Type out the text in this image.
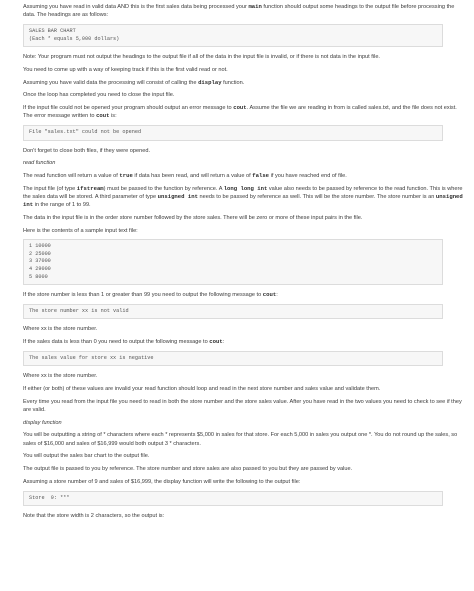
Assuming you have read in valid data AND this is the first sales data being processed your main function should output some headings to the output file before processing the data. The headings are as follows:
SALES BAR CHART
(Each * equals 5,000 dollars)
Note: Your program must not output the headings to the output file if all of the data in the input file is invalid, or if there is not data in the input file.
You need to come up with a way of keeping track if this is the first valid read or not.
Assuming you have valid data the processing will consist of calling the display function.
Once the loop has completed you need to close the input file.
If the input file could not be opened your program should output an error message to cout. Assume the file we are reading in from is called sales.txt, and the file does not exist. The error message written to cout is:
File "sales.txt" could not be opened
Don't forget to close both files, if they were opened.
read function
The read function will return a value of true if data has been read, and will return a value of false if you have reached end of file.
The input file (of type ifstream) must be passed to the function by reference. A long long int value also needs to be passed by reference to the read function. This is where the sales data will be stored. A third parameter of type unsigned int needs to be passed by reference as well. This will be the store number. The store number is an unsigned int in the range of 1 to 99.
The data in the input file is in the order store number followed by the store sales. There will be zero or more of these input pairs in the file.
Here is the contents of a sample input text file:
1 10000
2 25000
3 37000
4 29000
5 8000
If the store number is less than 1 or greater than 99 you need to output the following message to cout:
The store number xx is not valid
Where xx is the store number.
If the sales data is less than 0 you need to output the following message to cout:
The sales value for store xx is negative
Where xx is the store number.
If either (or both) of these values are invalid your read function should loop and read in the next store number and sales value and validate them.
Every time you read from the input file you need to read in both the store number and the store sales value. After you have read in the two values you need to check to see if they are valid.
display function
You will be outputting a string of * characters where each * represents $5,000 in sales for that store. For each 5,000 in sales you output one *. You do not round up the sales, so sales of $16,000 and sales of $16,999 would both output 3 * characters.
You will output the sales bar chart to the output file.
The output file is passed to you by reference. The store number and store sales are also passed to you but they are passed by value.
Assuming a store number of 9 and sales of $16,999, the display function will write the following to the output file:
Store  9: ***
Note that the store width is 2 characters, so the output is:
